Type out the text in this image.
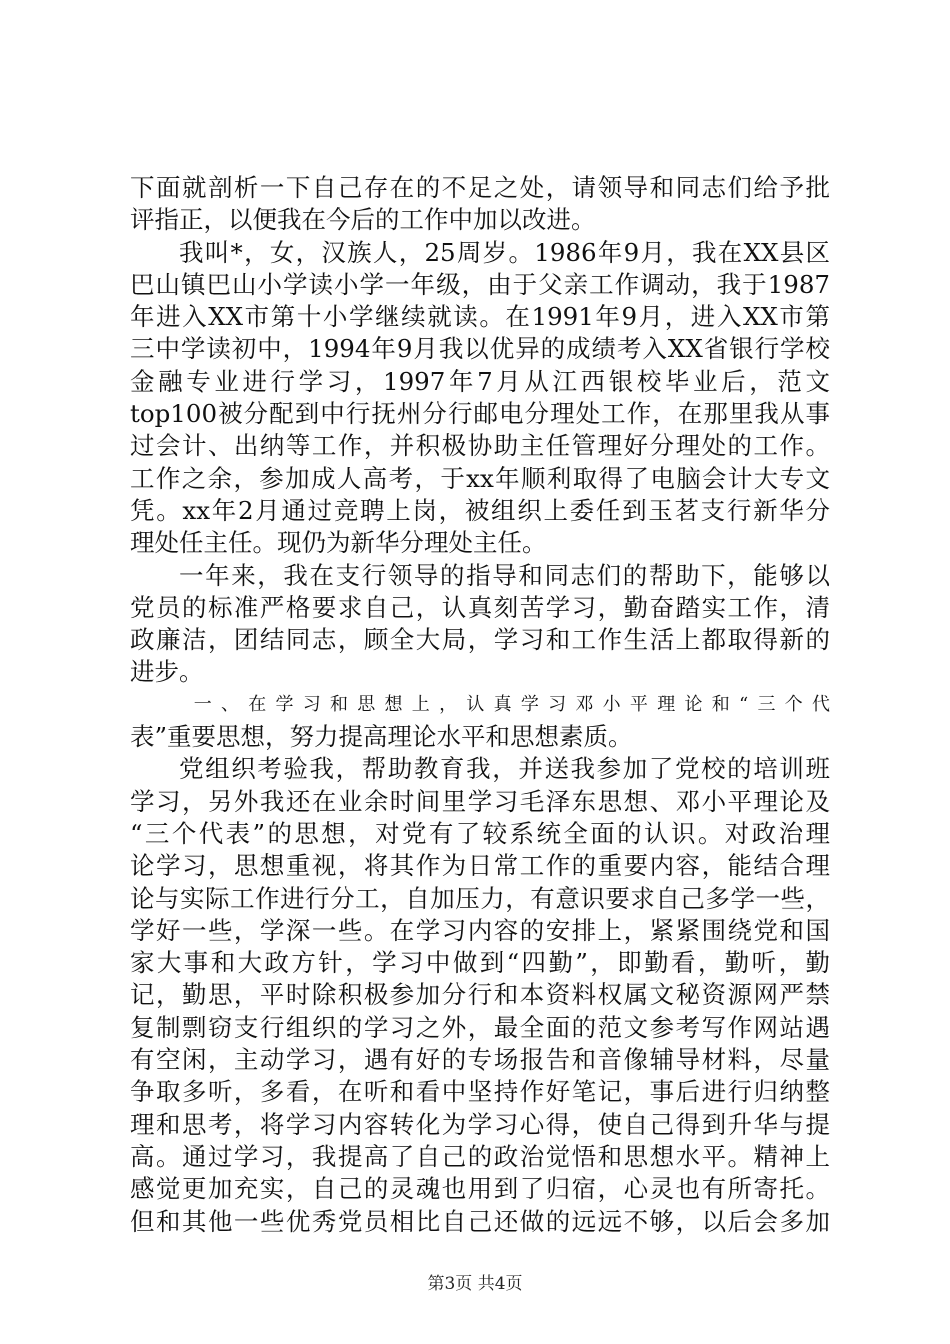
下面就剖析一下自己存在的不足之处，请领导和同志们给予批
评指正，以便我在今后的工作中加以改进。
我叫*，女，汉族人，25周岁。1986年9月，我在XX县区
巴山镇巴山小学读小学一年级，由于父亲工作调动，我于1987
年进入XX市第十小学继续就读。在1991年9月，进入XX市第
三中学读初中，1994年9月我以优异的成绩考入XX省银行学校
金融专业进行学习，1997年7月从江西银校毕业后，范文
top100被分配到中行抚州分行邮电分理处工作，在那里我从事
过会计、出纳等工作，并积极协助主任管理好分理处的工作。
工作之余，参加成人高考，于xx年顺利取得了电脑会计大专文
凭。xx年2月通过竞聘上岗，被组织上委任到玉茗支行新华分
理处任主任。现仍为新华分理处主任。
一年来，我在支行领导的指导和同志们的帮助下，能够以
党员的标准严格要求自己，认真刻苦学习，勤奋踏实工作，清
政廉洁，团结同志，顾全大局，学习和工作生活上都取得新的
进步。
一、在学习和思想上，认真学习邓小平理论和“三个代
表”重要思想，努力提高理论水平和思想素质。
党组织考验我，帮助教育我，并送我参加了党校的培训班
学习，另外我还在业余时间里学习毛泽东思想、邓小平理论及
“三个代表”的思想，对党有了较系统全面的认识。对政治理
论学习，思想重视，将其作为日常工作的重要内容，能结合理
论与实际工作进行分工，自加压力，有意识要求自己多学一些，
学好一些，学深一些。在学习内容的安排上，紧紧围绕党和国
家大事和大政方针，学习中做到“四勤”，即勤看，勤听，勤
记，勤思，平时除积极参加分行和本资料权属文秘资源网严禁
复制剽窃支行组织的学习之外，最全面的范文参考写作网站遇
有空闲，主动学习，遇有好的专场报告和音像辅导材料，尽量
争取多听，多看，在听和看中坚持作好笔记，事后进行归纳整
理和思考，将学习内容转化为学习心得，使自己得到升华与提
高。通过学习，我提高了自己的政治觉悟和思想水平。精神上
感觉更加充实，自己的灵魂也用到了归宿，心灵也有所寄托。
但和其他一些优秀党员相比自己还做的远远不够，以后会多加
第3页 共4页
